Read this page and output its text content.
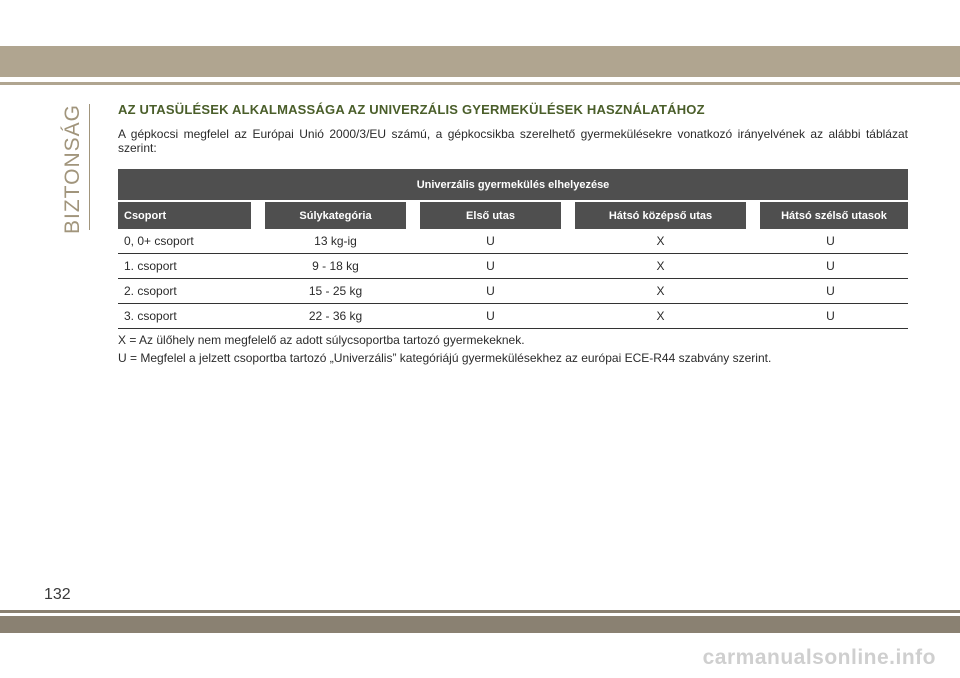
BIZTONSÁG	AZ UTASÜLÉSEK ALKALMASSÁGA AZ UNIVERZÁLIS GYERMEKÜLÉSEK HASZNÁLATÁHOZ

A gépkocsi megfelel az Európai Unió 2000/3/EU számú, a gépkocsikba szerelhető gyermekülésekre vonatkozó irányelvének az alábbi táblázat szerint:

Univerzális gyermekülés elhelyezése				
Csoport	Súlykategória	Első utas	Hátsó középső utas	Hátsó szélső utasok
0, 0+ csoport	13 kg-ig	U	X	U
1. csoport	9 - 18 kg	U	X	U
2. csoport	15 - 25 kg	U	X	U
3. csoport	22 - 36 kg	U	X	U

X = Az ülőhely nem megfelelő az adott súlycsoportba tartozó gyermekeknek.

U = Megfelel a jelzett csoportba tartozó „Univerzális” kategóriájú gyermekülésekhez az európai ECE-R44 szabvány szerint.

132
carmanualsonline.info
